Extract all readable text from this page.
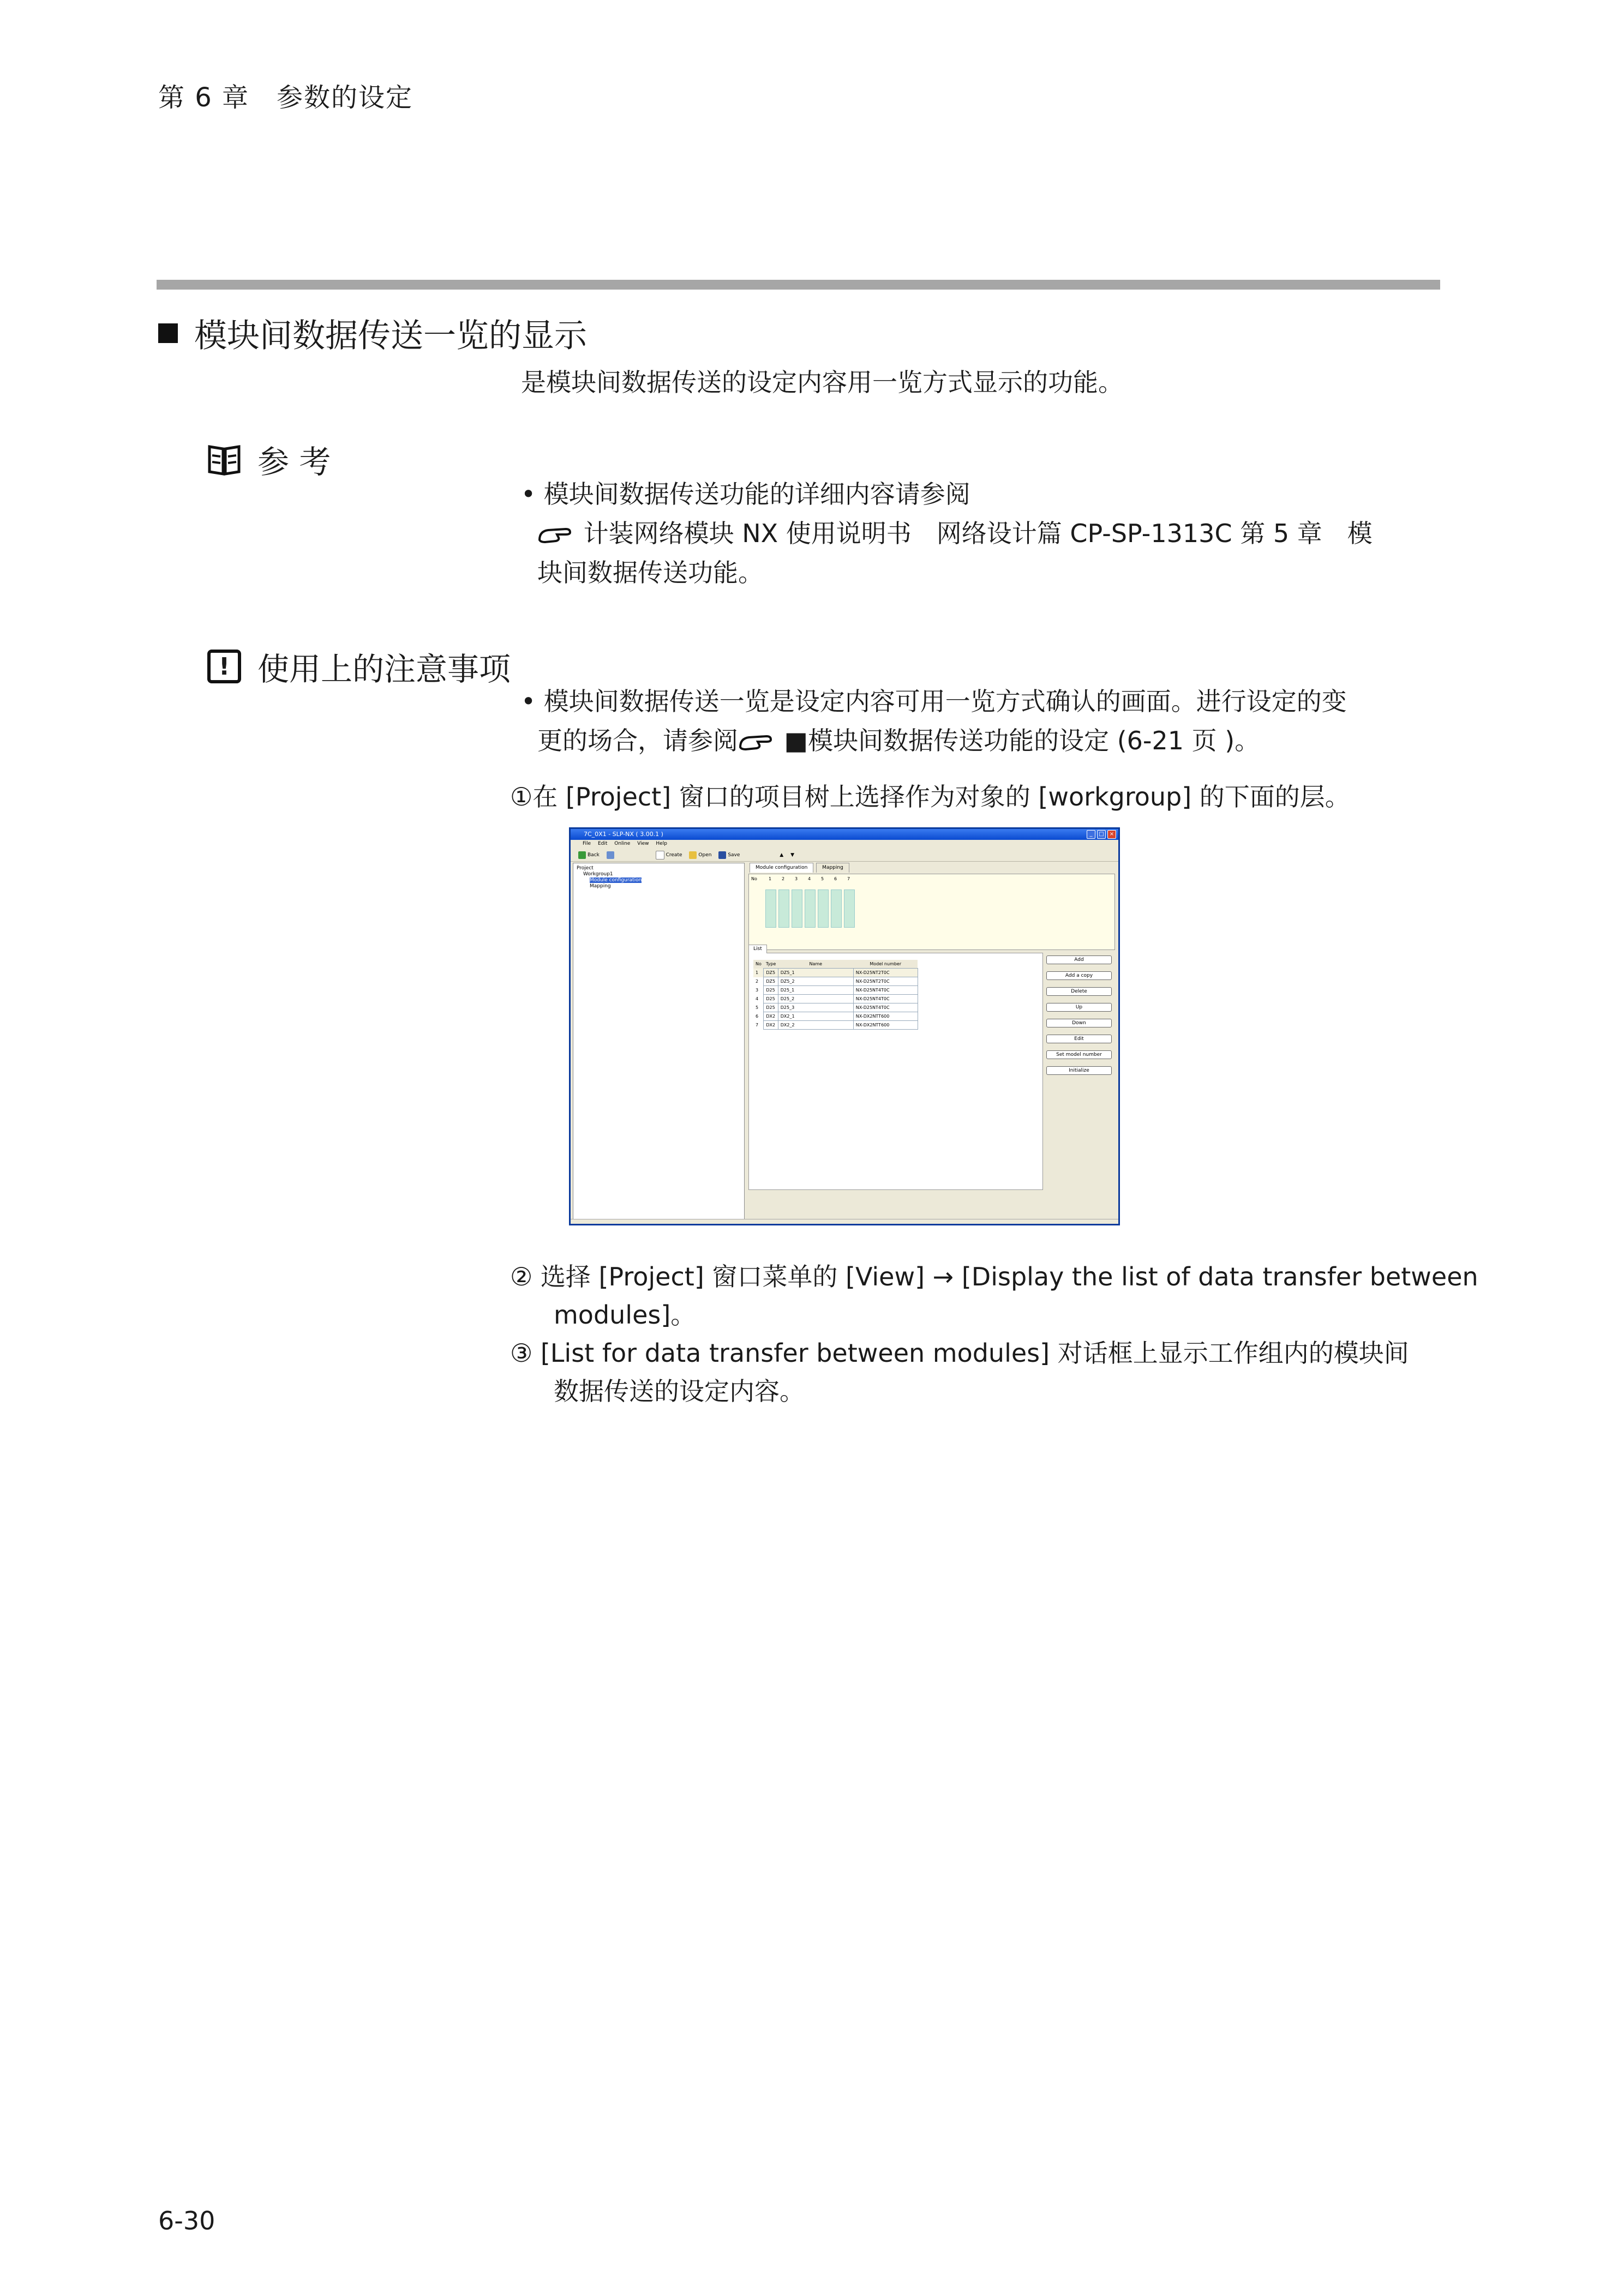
第 6 章　参数的设定
模块间数据传送一览的显示
是模块间数据传送的设定内容用一览方式显示的功能。
参 考
• 模块间数据传送功能的详细内容请参阅
计装网络模块 NX 使用说明书　网络设计篇 CP-SP-1313C 第 5 章　模
块间数据传送功能。
! 使用上的注意事项
• 模块间数据传送一览是设定内容可用一览方式确认的画面。进行设定的变
更的场合，请参阅 ■模块间数据传送功能的设定 (6-21 页 )。
①在 [Project] 窗口的项目树上选择作为对象的 [workgroup] 的下面的层。
7C_0X1 - SLP-NX ( 3.00.1 )	_	□	×
File Edit Online View Help
Back	Create	Open	Save	▲ ▼
Project
Workgroup1
Module configuration
Mapping
Module configuration	Mapping
No	1 2 3 4 5 6 7
List
No	Type	Name	Model number
1	DZ5	DZ5_1	NX-D25NT2T0C
2	DZ5	DZ5_2	NX-D25NT2T0C
3	D25	D25_1	NX-D25NT4T0C
4	D25	D25_2	NX-D25NT4T0C
5	D25	D25_3	NX-D25NT4T0C
6	DX2	DX2_1	NX-DX2NTT600
7	DX2	DX2_2	NX-DX2NTT600
Add
Add a copy
Delete
Up
Down
Edit
Set model number
Initialize
② 选择 [Project] 窗口菜单的 [View] → [Display the list of data transfer between
modules]。
③ [List for data transfer between modules] 对话框上显示工作组内的模块间
数据传送的设定内容。
6-30
